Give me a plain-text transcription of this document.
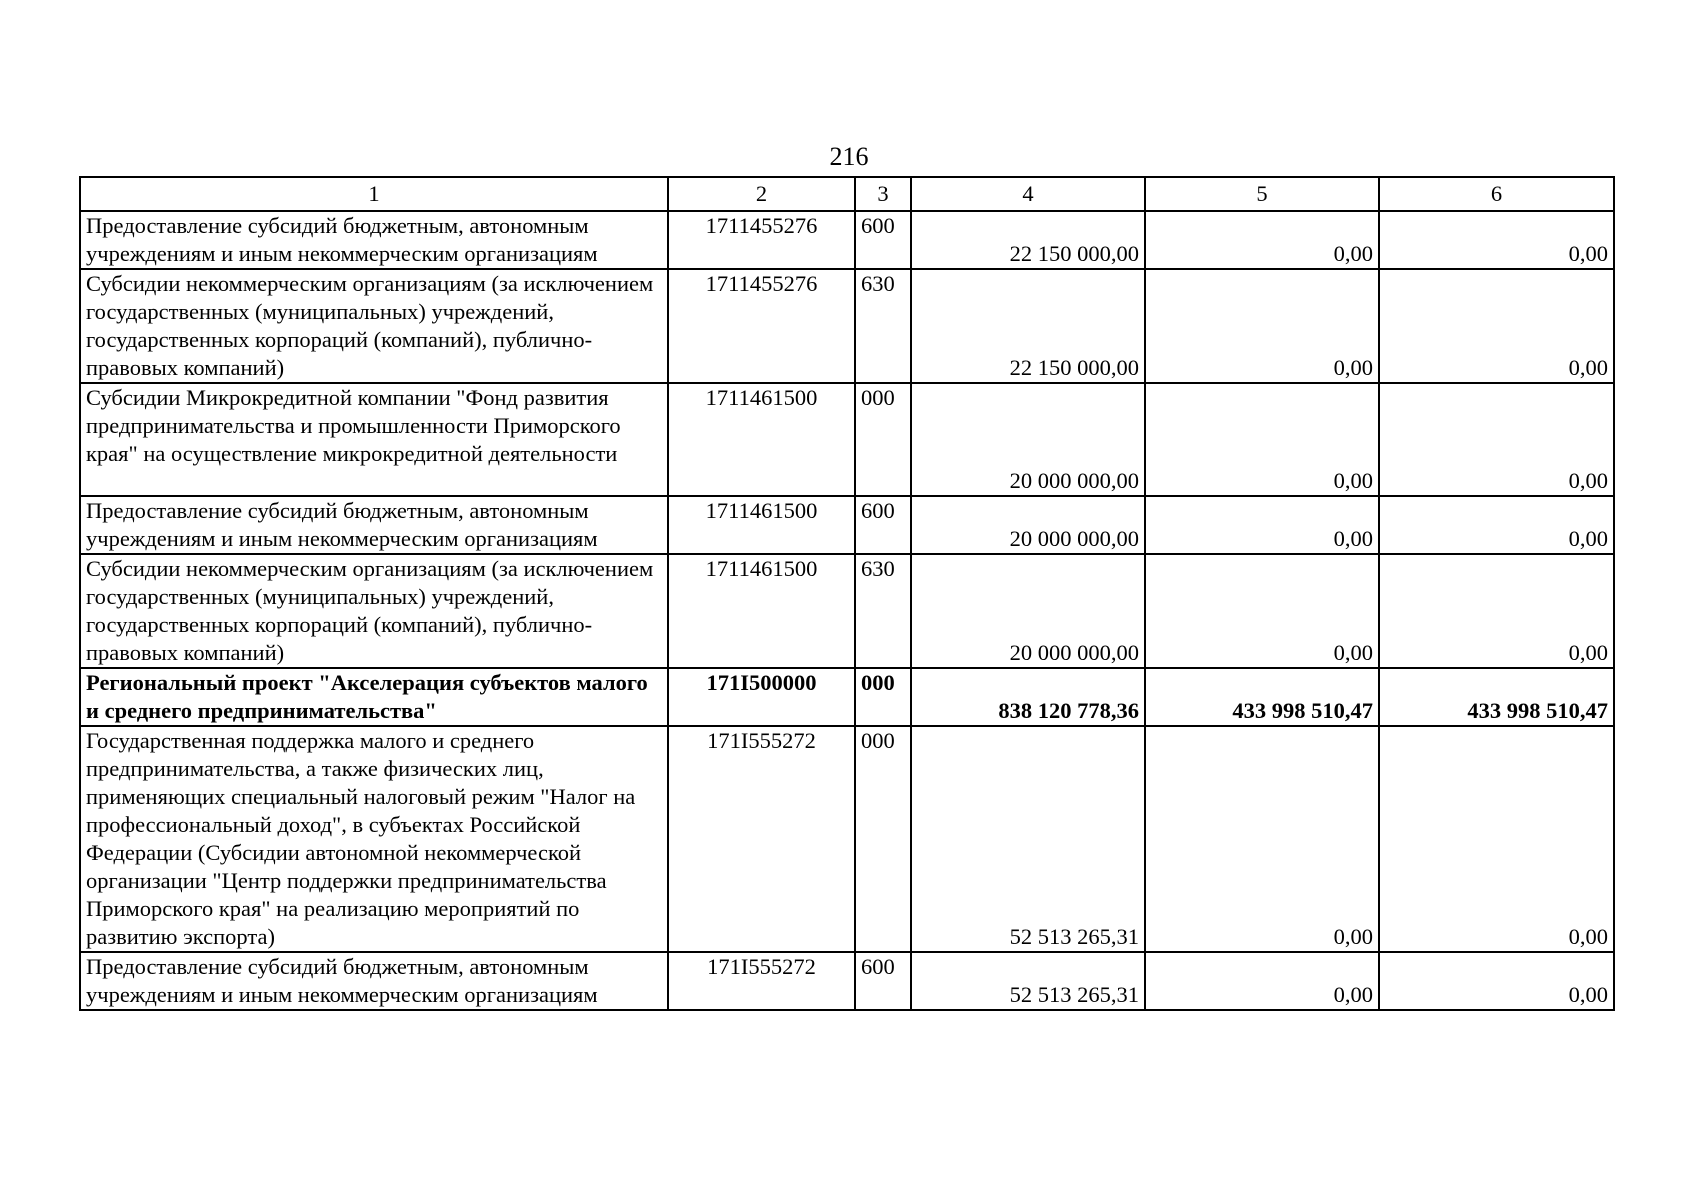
216
1	2	3	4	5	6
Предоставление субсидий бюджетным, автономным учреждениям и иным некоммерческим организациям	1711455276	600	22 150 000,00	0,00	0,00
Субсидии некоммерческим организациям (за исключением государственных (муниципальных) учреждений, государственных корпораций (компаний), публично-правовых компаний)	1711455276	630	22 150 000,00	0,00	0,00
Субсидии Микрокредитной компании "Фонд развития предпринимательства и промышленности Приморского края" на осуществление микрокредитной деятельности	1711461500	000	20 000 000,00	0,00	0,00
Предоставление субсидий бюджетным, автономным учреждениям и иным некоммерческим организациям	1711461500	600	20 000 000,00	0,00	0,00
Субсидии некоммерческим организациям (за исключением государственных (муниципальных) учреждений, государственных корпораций (компаний), публично-правовых компаний)	1711461500	630	20 000 000,00	0,00	0,00
Региональный проект "Акселерация субъектов малого и среднего предпринимательства"	171I500000	000	838 120 778,36	433 998 510,47	433 998 510,47
Государственная поддержка малого и среднего предпринимательства, а также физических лиц, применяющих специальный налоговый режим "Налог на профессиональный доход", в субъектах Российской Федерации (Субсидии автономной некоммерческой организации "Центр поддержки предпринимательства Приморского края" на реализацию мероприятий по развитию экспорта)	171I555272	000	52 513 265,31	0,00	0,00
Предоставление субсидий бюджетным, автономным учреждениям и иным некоммерческим организациям	171I555272	600	52 513 265,31	0,00	0,00
